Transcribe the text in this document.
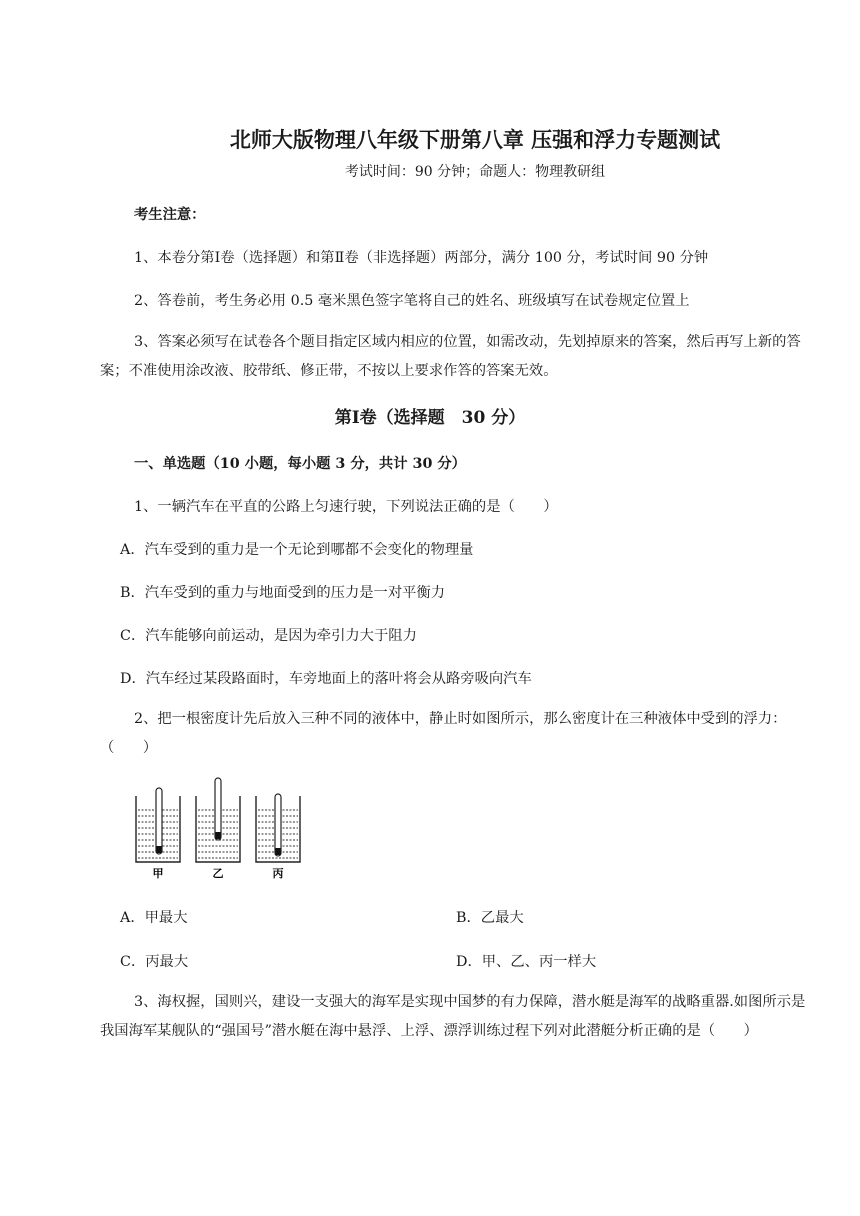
北师大版物理八年级下册第八章 压强和浮力专题测试
考试时间：90 分钟；命题人：物理教研组
考生注意：
1、本卷分第Ⅰ卷（选择题）和第Ⅱ卷（非选择题）两部分，满分 100 分，考试时间 90 分钟
2、答卷前，考生务必用 0.5 毫米黑色签字笔将自己的姓名、班级填写在试卷规定位置上
3、答案必须写在试卷各个题目指定区域内相应的位置，如需改动，先划掉原来的答案，然后再写上新的答案；不准使用涂改液、胶带纸、修正带，不按以上要求作答的答案无效。
第Ⅰ卷（选择题　30 分）
一、单选题（10 小题，每小题 3 分，共计 30 分）
1、一辆汽车在平直的公路上匀速行驶，下列说法正确的是（　　）
A．汽车受到的重力是一个无论到哪都不会变化的物理量
B．汽车受到的重力与地面受到的压力是一对平衡力
C．汽车能够向前运动，是因为牵引力大于阻力
D．汽车经过某段路面时，车旁地面上的落叶将会从路旁吸向汽车
2、把一根密度计先后放入三种不同的液体中，静止时如图所示，那么密度计在三种液体中受到的浮力：（　　）
甲	乙	丙
A．甲最大	B．乙最大
C．丙最大	D．甲、乙、丙一样大
3、海权握，国则兴，建设一支强大的海军是实现中国梦的有力保障，潜水艇是海军的战略重器.如图所示是我国海军某舰队的“强国号”潜水艇在海中悬浮、上浮、漂浮训练过程下列对此潜艇分析正确的是（　　）
